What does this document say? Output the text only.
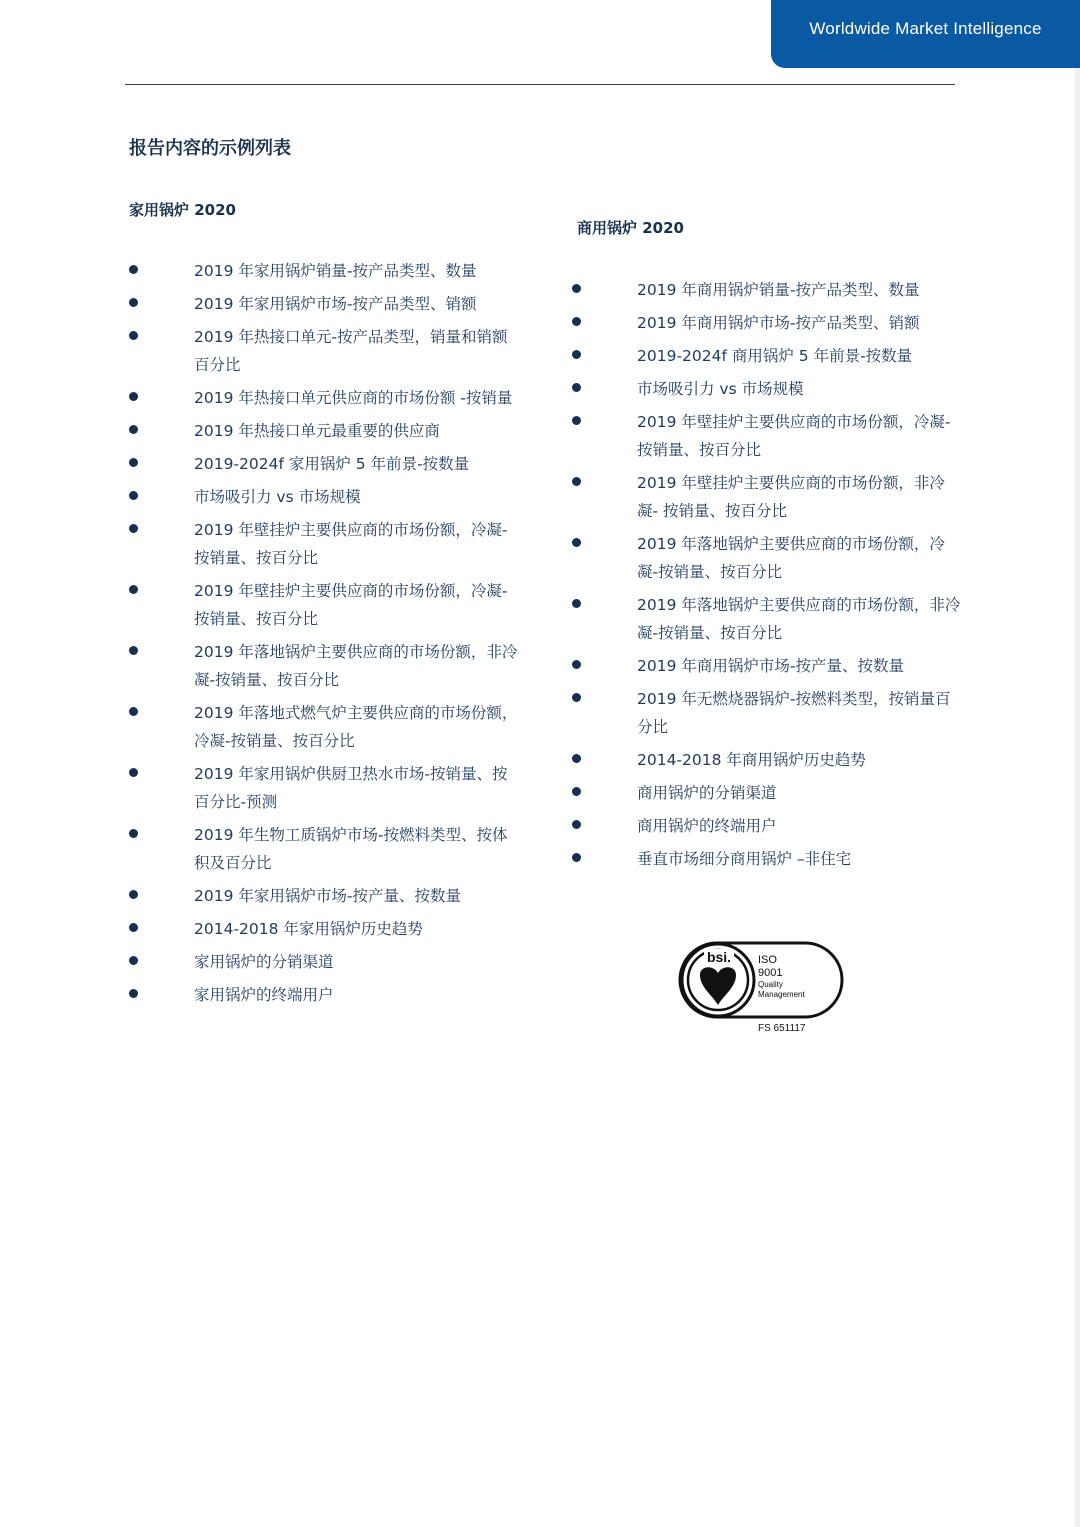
Worldwide Market Intelligence
报告内容的示例列表
家用锅炉 2020
2019 年家用锅炉销量-按产品类型、数量
2019 年家用锅炉市场-按产品类型、销额
2019 年热接口单元-按产品类型，销量和销额百分比
2019 年热接口单元供应商的市场份额 -按销量
2019 年热接口单元最重要的供应商
2019-2024f 家用锅炉 5 年前景-按数量
市场吸引力 vs 市场规模
2019 年壁挂炉主要供应商的市场份额，冷凝- 按销量、按百分比
2019 年壁挂炉主要供应商的市场份额，冷凝- 按销量、按百分比
2019 年落地锅炉主要供应商的市场份额，非冷凝-按销量、按百分比
2019 年落地式燃气炉主要供应商的市场份额，冷凝-按销量、按百分比
2019 年家用锅炉供厨卫热水市场-按销量、按百分比-预测
2019 年生物工质锅炉市场-按燃料类型、按体积及百分比
2019 年家用锅炉市场-按产量、按数量
2014-2018 年家用锅炉历史趋势
家用锅炉的分销渠道
家用锅炉的终端用户
商用锅炉 2020
2019 年商用锅炉销量-按产品类型、数量
2019 年商用锅炉市场-按产品类型、销额
2019-2024f 商用锅炉 5 年前景-按数量
市场吸引力 vs 市场规模
2019 年壁挂炉主要供应商的市场份额，冷凝- 按销量、按百分比
2019 年壁挂炉主要供应商的市场份额，非冷凝- 按销量、按百分比
2019 年落地锅炉主要供应商的市场份额，冷凝-按销量、按百分比
2019 年落地锅炉主要供应商的市场份额，非冷凝-按销量、按百分比
2019 年商用锅炉市场-按产量、按数量
2019 年无燃烧器锅炉-按燃料类型，按销量百分比
2014-2018 年商用锅炉历史趋势
商用锅炉的分销渠道
商用锅炉的终端用户
垂直市场细分商用锅炉 –非住宅
bsi. ISO
9001
Quality
Management
FS 651117
